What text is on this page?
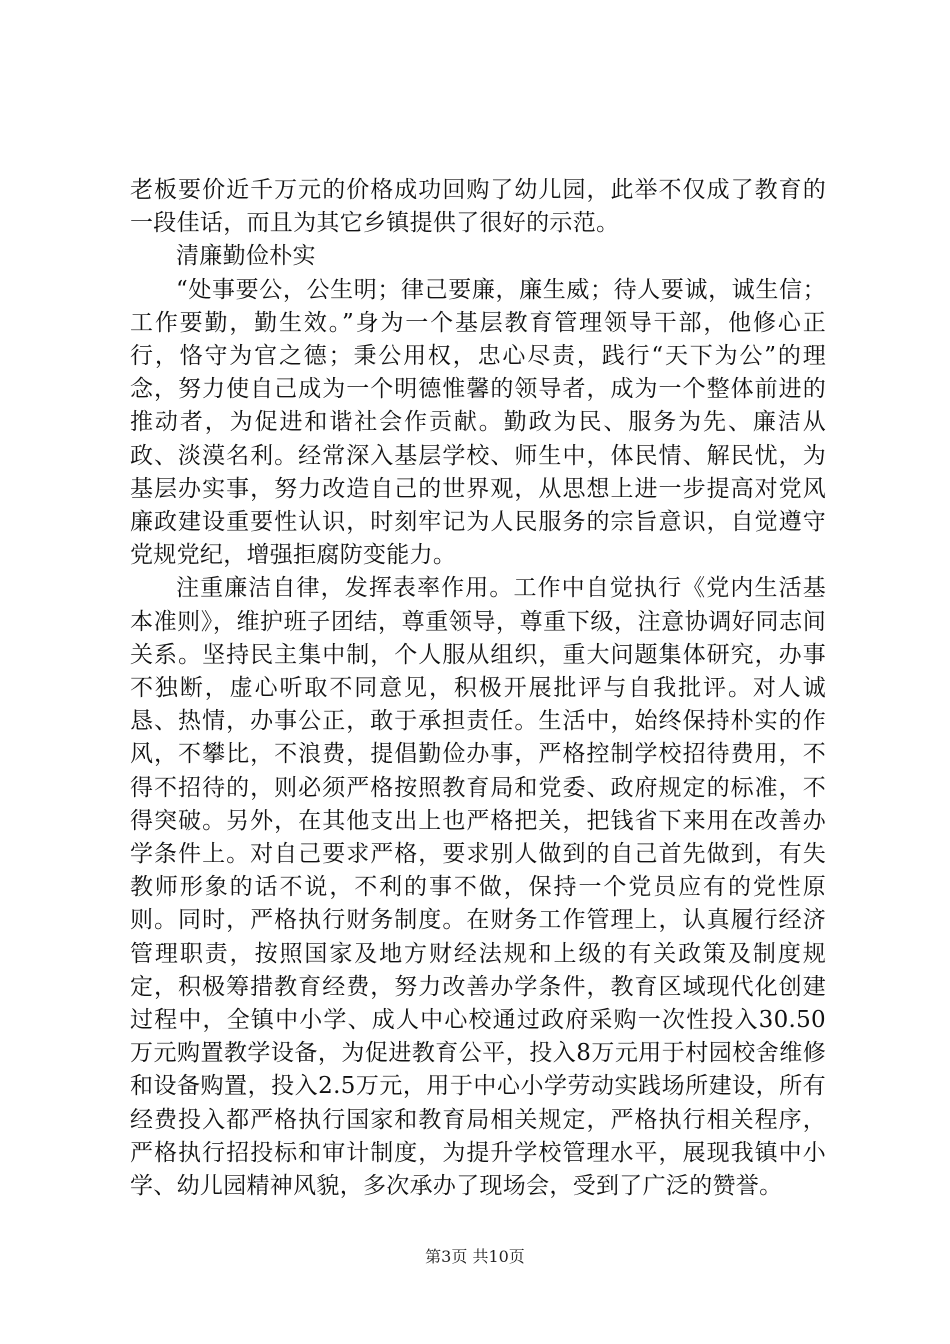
老板要价近千万元的价格成功回购了幼儿园，此举不仅成了教育的一段佳话，而且为其它乡镇提供了很好的示范。

清廉勤俭朴实

“处事要公，公生明；律己要廉，廉生威；待人要诚，诚生信；工作要勤，勤生效。”身为一个基层教育管理领导干部，他修心正行，恪守为官之德；秉公用权，忠心尽责，践行“天下为公”的理念，努力使自己成为一个明德惟馨的领导者，成为一个整体前进的推动者，为促进和谐社会作贡献。勤政为民、服务为先、廉洁从政、淡漠名利。经常深入基层学校、师生中，体民情、解民忧，为基层办实事，努力改造自己的世界观，从思想上进一步提高对党风廉政建设重要性认识，时刻牢记为人民服务的宗旨意识，自觉遵守党规党纪，增强拒腐防变能力。

注重廉洁自律，发挥表率作用。工作中自觉执行《党内生活基本准则》，维护班子团结，尊重领导，尊重下级，注意协调好同志间关系。坚持民主集中制，个人服从组织，重大问题集体研究，办事不独断，虚心听取不同意见，积极开展批评与自我批评。对人诚恳、热情，办事公正，敢于承担责任。生活中，始终保持朴实的作风，不攀比，不浪费，提倡勤俭办事，严格控制学校招待费用，不得不招待的，则必须严格按照教育局和党委、政府规定的标准，不得突破。另外，在其他支出上也严格把关，把钱省下来用在改善办学条件上。对自己要求严格，要求别人做到的自己首先做到，有失教师形象的话不说，不利的事不做，保持一个党员应有的党性原则。同时，严格执行财务制度。在财务工作管理上，认真履行经济管理职责，按照国家及地方财经法规和上级的有关政策及制度规定，积极筹措教育经费，努力改善办学条件，教育区域现代化创建过程中，全镇中小学、成人中心校通过政府采购一次性投入30.50万元购置教学设备，为促进教育公平，投入8万元用于村园校舍维修和设备购置，投入2.5万元，用于中心小学劳动实践场所建设，所有经费投入都严格执行国家和教育局相关规定，严格执行相关程序，严格执行招投标和审计制度，为提升学校管理水平，展现我镇中小学、幼儿园精神风貌，多次承办了现场会，受到了广泛的赞誉。

第3页 共10页
